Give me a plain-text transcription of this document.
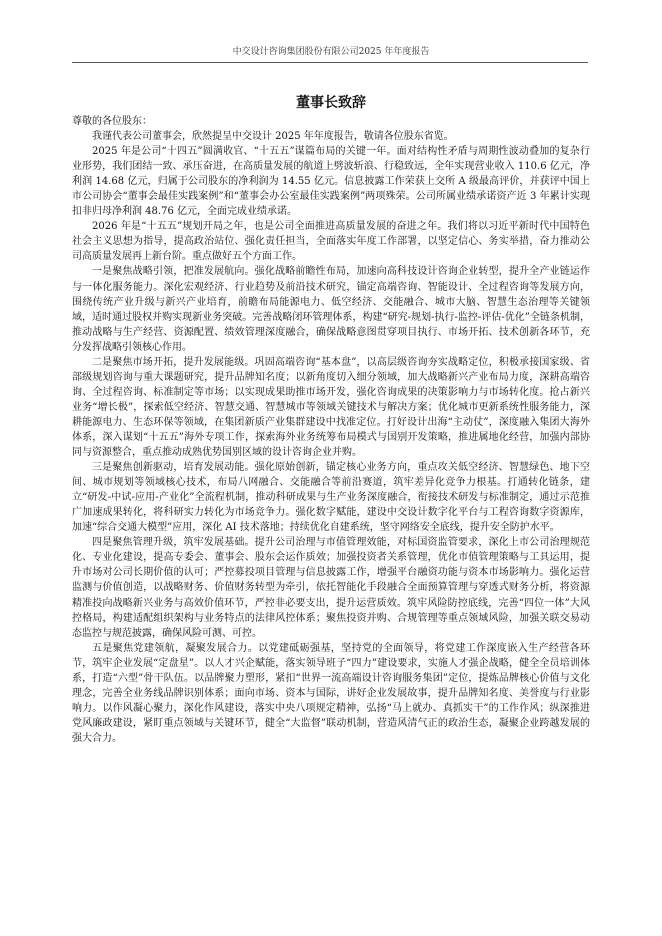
中交设计咨询集团股份有限公司2025 年年度报告
董事长致辞

尊敬的各位股东：

我谨代表公司董事会，欣然提呈中交设计 2025 年年度报告，敬请各位股东省览。

2025 年是公司“十四五”圆满收官、“十五五”谋篇布局的关键一年。面对结构性矛盾与周期性波动叠加的复杂行业形势，我们团结一致、承压奋进，在高质量发展的航道上劈波斩浪、行稳致远，全年实现营业收入 110.6 亿元，净利润 14.68 亿元，归属于公司股东的净利润为 14.55 亿元。信息披露工作荣获上交所 A 级最高评价，并获评中国上市公司协会“董事会最佳实践案例”和“董事会办公室最佳实践案例”两项殊荣。公司所属业绩承诺资产近 3 年累计实现扣非归母净利润 48.76 亿元，全面完成业绩承诺。

2026 年是“十五五”规划开局之年，也是公司全面推进高质量发展的奋进之年。我们将以习近平新时代中国特色社会主义思想为指导，提高政治站位、强化责任担当，全面落实年度工作部署，以坚定信心、务实举措，奋力推动公司高质量发展再上新台阶。重点做好五个方面工作。

一是聚焦战略引领，把准发展航向。强化战略前瞻性布局，加速向高科技设计咨询企业转型，提升全产业链运作与一体化服务能力。深化宏观经济、行业趋势及前沿技术研究，锚定高端咨询、智能设计、全过程咨询等发展方向，围绕传统产业升级与新兴产业培育，前瞻布局能源电力、低空经济、交能融合、城市大脑、智慧生态治理等关键领域，适时通过股权并购实现新业务突破。完善战略闭环管理体系，构建“研究-规划-执行-监控-评估-优化”全链条机制，推动战略与生产经营、资源配置、绩效管理深度融合，确保战略意图贯穿项目执行、市场开拓、技术创新各环节，充分发挥战略引领核心作用。

二是聚焦市场开拓，提升发展能级。巩固高端咨询“基本盘”，以高层级咨询夯实战略定位，积极承接国家级、省部级规划咨询与重大课题研究，提升品牌知名度；以新角度切入细分领域，加大战略新兴产业布局力度，深耕高端咨询、全过程咨询、标准制定等市场；以实现成果助推市场开发，强化咨询成果的决策影响力与市场转化度。抢占新兴业务“增长极”，探索低空经济、智慧交通、智慧城市等领域关键技术与解决方案；优化城市更新系统性服务能力，深耕能源电力、生态环保等领域，在集团新质产业集群建设中找准定位。打好设计出海“主动仗”，深度融入集团大海外体系，深入谋划“十五五”海外专项工作，探索海外业务统筹布局模式与国别开发策略，推进属地化经营，加强内部协同与资源整合，重点推动成熟优势国别区域的设计咨询企业并购。

三是聚焦创新驱动，培育发展动能。强化原始创新，锚定核心业务方向，重点攻关低空经济、智慧绿色、地下空间、城市规划等领域核心技术，布局八网融合、交能融合等前沿赛道，筑牢差异化竞争力根基。打通转化链条，建立“研发-中试-应用-产业化”全流程机制，推动科研成果与生产业务深度融合，衔接技术研发与标准制定，通过示范推广加速成果转化，将科研实力转化为市场竞争力。强化数字赋能，建设中交设计数字化平台与工程咨询数字资源库，加速“综合交通大模型”应用，深化 AI 技术落地；持续优化自建系统，坚守网络安全底线，提升安全防护水平。

四是聚焦管理升级，筑牢发展基础。提升公司治理与市值管理效能，对标国资监管要求，深化上市公司治理规范化、专业化建设，提高专委会、董事会、股东会运作质效；加强投资者关系管理，优化市值管理策略与工具运用，提升市场对公司长期价值的认可；严控募投项目管理与信息披露工作，增强平台融资功能与资本市场影响力。强化运营监测与价值创造，以战略财务、价值财务转型为牵引，依托智能化手段融合全面预算管理与穿透式财务分析，将资源精准投向战略新兴业务与高效价值环节，严控非必要支出，提升运营质效。筑牢风险防控底线，完善“四位一体”大风控格局，构建适配组织架构与业务特点的法律风控体系；聚焦投资并购、合规管理等重点领域风险，加强关联交易动态监控与规范披露，确保风险可测、可控。

五是聚焦党建领航，凝聚发展合力。以党建砥砺强基，坚持党的全面领导，将党建工作深度嵌入生产经营各环节，筑牢企业发展“定盘星”。以人才兴企赋能，落实领导班子“四力”建设要求，实施人才强企战略，健全全员培训体系，打造“六型”骨干队伍。以品牌聚力塑形，紧扣“世界一流高端设计咨询服务集团”定位，提炼品牌核心价值与文化理念，完善全业务线品牌识别体系；面向市场、资本与国际，讲好企业发展故事，提升品牌知名度、美誉度与行业影响力。以作风凝心聚力，深化作风建设，落实中央八项规定精神，弘扬“马上就办、真抓实干”的工作作风；纵深推进党风廉政建设，紧盯重点领域与关键环节，健全“大监督”联动机制，营造风清气正的政治生态，凝聚企业跨越发展的强大合力。
